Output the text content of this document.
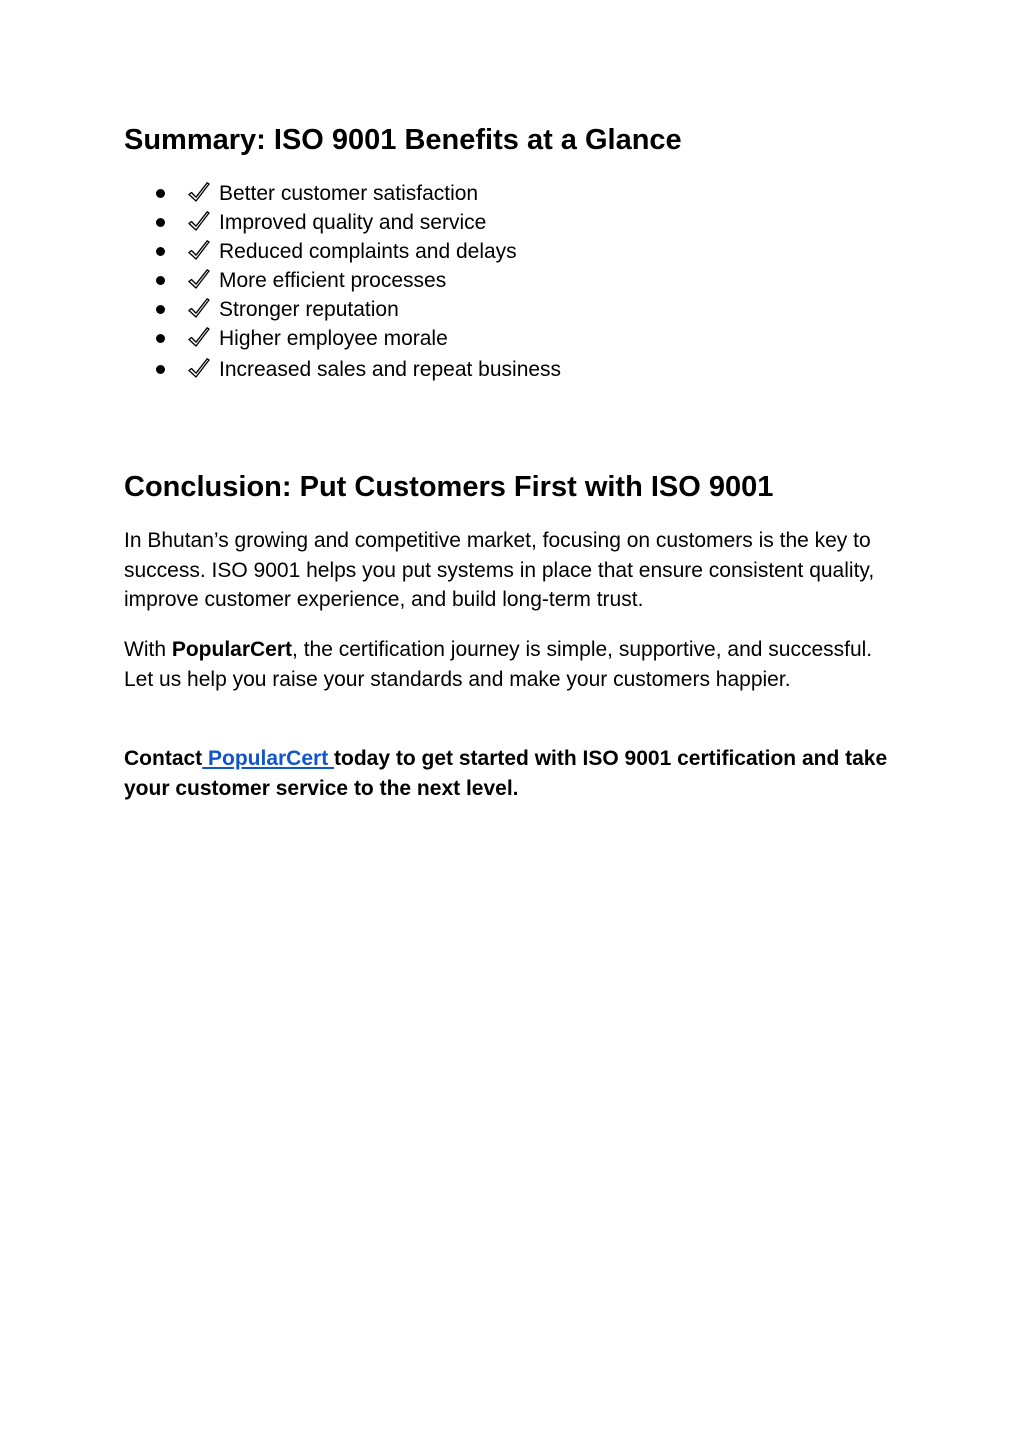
Summary: ISO 9001 Benefits at a Glance
Better customer satisfaction
Improved quality and service
Reduced complaints and delays
More efficient processes
Stronger reputation
Higher employee morale
Increased sales and repeat business
Conclusion: Put Customers First with ISO 9001

In Bhutan’s growing and competitive market, focusing on customers is the key to success. ISO 9001 helps you put systems in place that ensure consistent quality, improve customer experience, and build long-term trust.

With PopularCert, the certification journey is simple, supportive, and successful. Let us help you raise your standards and make your customers happier.

Contact PopularCert today to get started with ISO 9001 certification and take your customer service to the next level.
